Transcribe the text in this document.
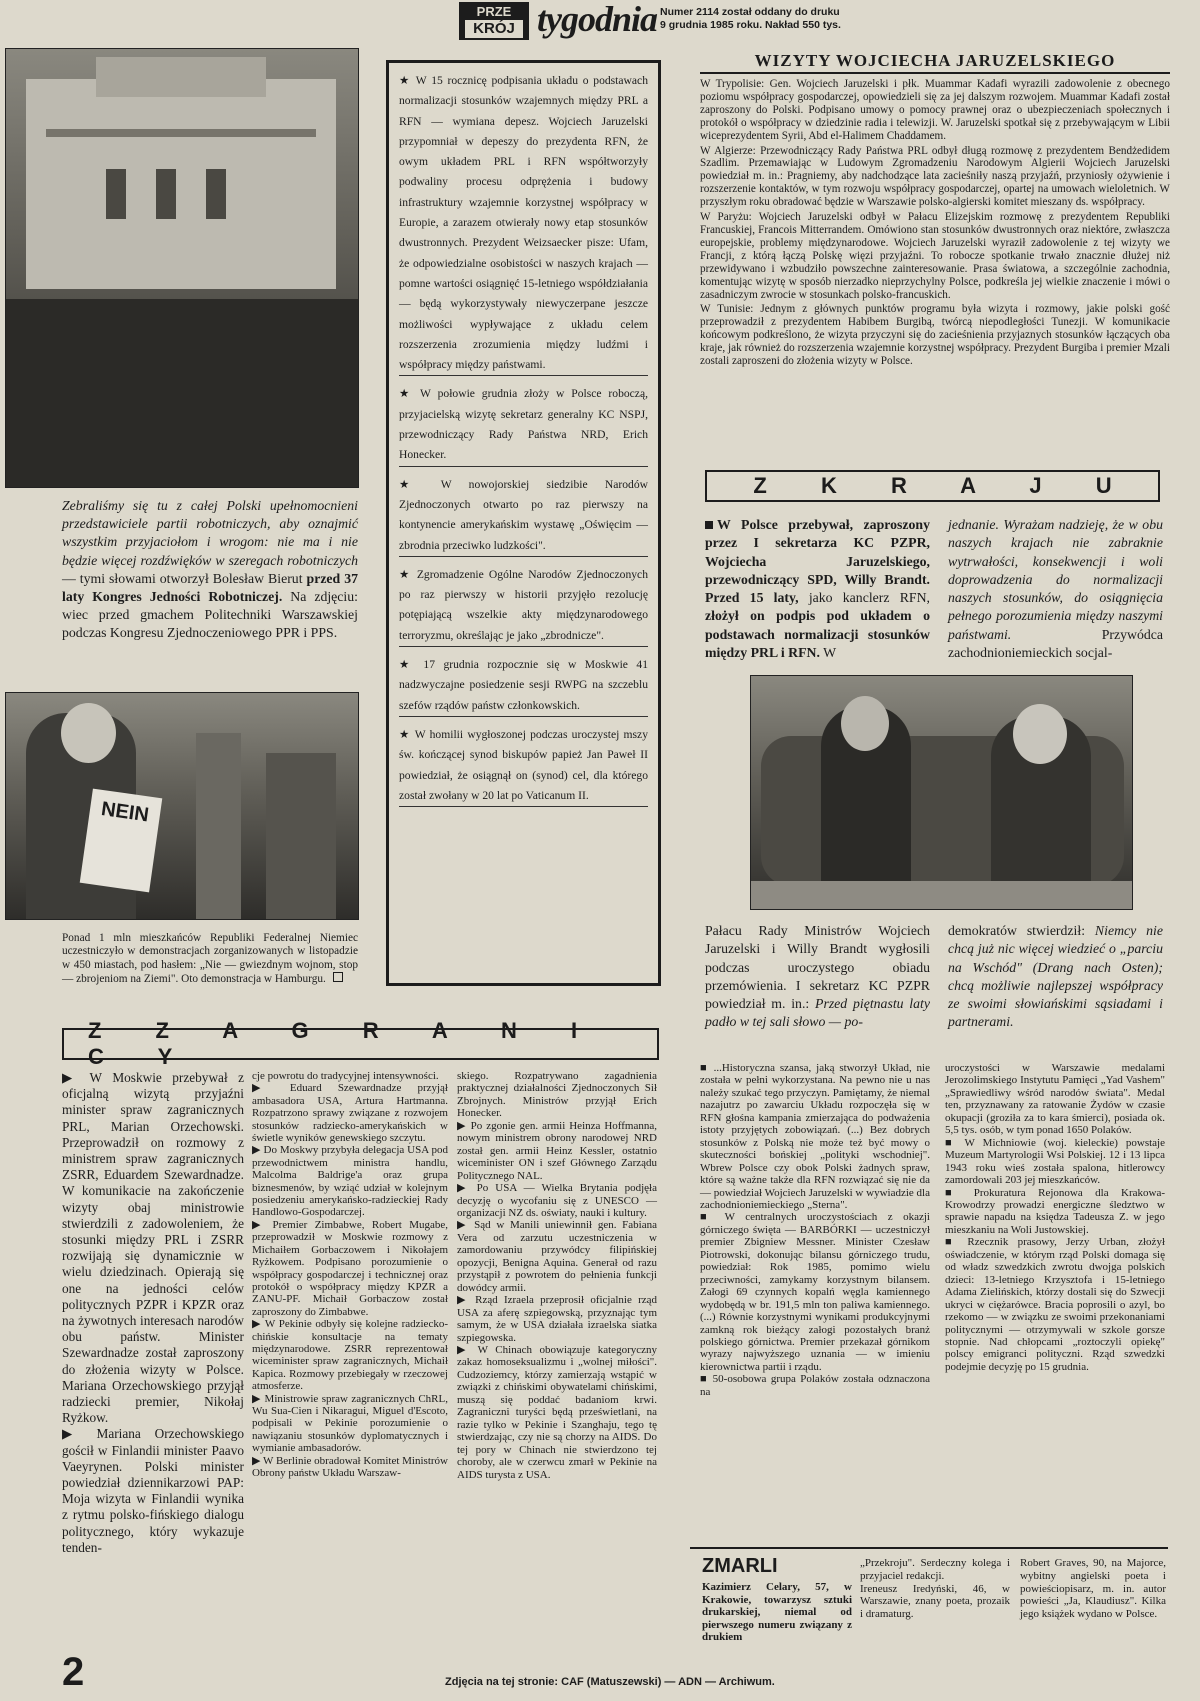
PRZE
KRÓJ tygodnia Numer 2114 został oddany do druku
9 grudnia 1985 roku. Nakład 550 tys.
Zebraliśmy się tu z całej Polski upełnomocnieni przedstawiciele partii robotniczych, aby oznajmić wszystkim przyjaciołom i wrogom: nie ma i nie będzie więcej rozdźwięków w szeregach robotniczych — tymi słowami otworzył Bolesław Bierut przed 37 laty Kongres Jedności Robotniczej. Na zdjęciu: wiec przed gmachem Politechniki Warszawskiej podczas Kongresu Zjednoczeniowego PPR i PPS.
NEIN
Ponad 1 mln mieszkańców Republiki Federalnej Niemiec uczestniczyło w demonstracjach zorganizowanych w listopadzie w 450 miastach, pod hasłem: „Nie — gwiezdnym wojnom, stop — zbrojeniom na Ziemi". Oto demonstracja w Hamburgu.

★ W 15 rocznicę podpisania układu o podstawach normalizacji stosunków wzajemnych między PRL a RFN — wymiana depesz. Wojciech Jaruzelski przypomniał w depeszy do prezydenta RFN, że owym układem PRL i RFN współtworzyły podwaliny procesu odprężenia i budowy infrastruktury wzajemnie korzystnej współpracy w Europie, a zarazem otwierały nowy etap stosunków dwustronnych. Prezydent Weizsaecker pisze: Ufam, że odpowiedzialne osobistości w naszych krajach — pomne wartości osiągnięć 15-letniego współdziałania — będą wykorzystywały niewyczerpane jeszcze możliwości wypływające z układu celem rozszerzenia zrozumienia między ludźmi i współpracy między państwami.

★ W połowie grudnia złoży w Polsce roboczą, przyjacielską wizytę sekretarz generalny KC NSPJ, przewodniczący Rady Państwa NRD, Erich Honecker.

★ W nowojorskiej siedzibie Narodów Zjednoczonych otwarto po raz pierwszy na kontynencie amerykańskim wystawę „Oświęcim — zbrodnia przeciwko ludzkości".

★ Zgromadzenie Ogólne Narodów Zjednoczonych po raz pierwszy w historii przyjęło rezolucję potępiającą wszelkie akty międzynarodowego terroryzmu, określając je jako „zbrodnicze".

★ 17 grudnia rozpocznie się w Moskwie 41 nadzwyczajne posiedzenie sesji RWPG na szczeblu szefów rządów państw członkowskich.

★ W homilii wygłoszonej podczas uroczystej mszy św. kończącej synod biskupów papież Jan Paweł II powiedział, że osiągnął on (synod) cel, dla którego został zwołany w 20 lat po Vaticanum II.

WIZYTY WOJCIECHA JARUZELSKIEGO

W Trypolisie: Gen. Wojciech Jaruzelski i płk. Muammar Kadafi wyrazili zadowolenie z obecnego poziomu współpracy gospodarczej, opowiedzieli się za jej dalszym rozwojem. Muammar Kadafi został zaproszony do Polski. Podpisano umowy o pomocy prawnej oraz o ubezpieczeniach społecznych i protokół o współpracy w dziedzinie radia i telewizji. W. Jaruzelski spotkał się z przebywającym w Libii wiceprezydentem Syrii, Abd el-Halimem Chaddamem.

W Algierze: Przewodniczący Rady Państwa PRL odbył długą rozmowę z prezydentem Bendżedidem Szadlim. Przemawiając w Ludowym Zgromadzeniu Narodowym Algierii Wojciech Jaruzelski powiedział m. in.: Pragniemy, aby nadchodzące lata zacieśniły naszą przyjaźń, przyniosły ożywienie i rozszerzenie kontaktów, w tym rozwoju współpracy gospodarczej, opartej na umowach wieloletnich. W przyszłym roku obradować będzie w Warszawie polsko-algierski komitet mieszany ds. współpracy.

W Paryżu: Wojciech Jaruzelski odbył w Pałacu Elizejskim rozmowę z prezydentem Republiki Francuskiej, Francois Mitterrandem. Omówiono stan stosunków dwustronnych oraz niektóre, zwłaszcza europejskie, problemy międzynarodowe. Wojciech Jaruzelski wyraził zadowolenie z tej wizyty we Francji, z którą łączą Polskę więzi przyjaźni. To robocze spotkanie trwało znacznie dłużej niż przewidywano i wzbudziło powszechne zainteresowanie. Prasa światowa, a szczególnie zachodnia, komentując wizytę w sposób nierzadko nieprzychylny Polsce, podkreśla jej wielkie znaczenie i mówi o zasadniczym zwrocie w stosunkach polsko-francuskich.

W Tunisie: Jednym z głównych punktów programu była wizyta i rozmowy, jakie polski gość przeprowadził z prezydentem Habibem Burgibą, twórcą niepodległości Tunezji. W komunikacie końcowym podkreślono, że wizyta przyczyni się do zacieśnienia przyjaznych stosunków łączących oba kraje, jak również do rozszerzenia wzajemnie korzystnej współpracy. Prezydent Burgiba i premier Mzali zostali zaproszeni do złożenia wizyty w Polsce.

Z K R A J U
W Polsce przebywał, zaproszony przez I sekretarza KC PZPR, Wojciecha Jaruzelskiego, przewodniczący SPD, Willy Brandt. Przed 15 laty, jako kanclerz RFN, złożył on podpis pod układem o podstawach normalizacji stosunków między PRL i RFN. W
jednanie. Wyrażam nadzieję, że w obu naszych krajach nie zabraknie wytrwałości, konsekwencji i woli doprowadzenia do normalizacji naszych stosunków, do osiągnięcia pełnego porozumienia między naszymi państwami.	Przywódca zachodnioniemieckich socjal-
Pałacu Rady Ministrów Wojciech Jaruzelski i Willy Brandt wygłosili podczas uroczystego obiadu przemówienia. I sekretarz KC PZPR powiedział m. in.: Przed piętnastu laty padło w tej sali słowo — po-
demokratów stwierdził: Niemcy nie chcą już nic więcej wiedzieć o „parciu na Wschód" (Drang nach Osten); chcą możliwie najlepszej współpracy ze swoimi słowiańskimi sąsiadami i partnerami.
Z Z A G R A N I C Y
▶ W Moskwie przebywał z oficjalną wizytą przyjaźni minister spraw zagranicznych PRL, Marian Orzechowski. Przeprowadził on rozmowy z ministrem spraw zagranicznych ZSRR, Eduardem Szewardnadze. W komunikacie na zakończenie wizyty obaj ministrowie stwierdzili z zadowoleniem, że stosunki między PRL i ZSRR rozwijają się dynamicznie w wielu dziedzinach. Opierają się one na jedności celów politycznych PZPR i KPZR oraz na żywotnych interesach narodów obu państw. Minister Szewardnadze został zaproszony do złożenia wizyty w Polsce. Mariana Orzechowskiego przyjął radziecki premier, Nikołaj Ryżkow.
▶ Mariana Orzechowskiego gościł w Finlandii minister Paavo Vaeyrynen. Polski minister powiedział dziennikarzowi PAP: Moja wizyta w Finlandii wynika z rytmu polsko-fińskiego dialogu politycznego, który wykazuje tenden-
cje powrotu do tradycyjnej intensywności.
▶ Eduard Szewardnadze przyjął ambasadora USA, Artura Hartmanna. Rozpatrzono sprawy związane z rozwojem stosunków radziecko-amerykańskich w świetle wyników genewskiego szczytu.
▶ Do Moskwy przybyła delegacja USA pod przewodnictwem ministra handlu, Malcolma Baldrige'a oraz grupa biznesmenów, by wziąć udział w kolejnym posiedzeniu amerykańsko-radzieckiej Rady Handlowo-Gospodarczej.
▶ Premier Zimbabwe, Robert Mugabe, przeprowadził w Moskwie rozmowy z Michaiłem Gorbaczowem i Nikołajem Ryżkowem. Podpisano porozumienie o współpracy gospodarczej i technicznej oraz protokół o współpracy między KPZR a ZANU-PF. Michaił Gorbaczow został zaproszony do Zimbabwe.
▶ W Pekinie odbyły się kolejne radziecko-chińskie konsultacje na tematy międzynarodowe. ZSRR reprezentował wiceminister spraw zagranicznych, Michaił Kapica. Rozmowy przebiegały w rzeczowej atmosferze.
▶ Ministrowie spraw zagranicznych ChRL, Wu Sua-Cien i Nikaragui, Miguel d'Escoto, podpisali w Pekinie porozumienie o nawiązaniu stosunków dyplomatycznych i wymianie ambasadorów.
▶ W Berlinie obradował Komitet Ministrów Obrony państw Układu Warszaw-
skiego. Rozpatrywano zagadnienia praktycznej działalności Zjednoczonych Sił Zbrojnych. Ministrów przyjął Erich Honecker.
▶ Po zgonie gen. armii Heinza Hoffmanna, nowym ministrem obrony narodowej NRD został gen. armii Heinz Kessler, ostatnio wiceminister ON i szef Głównego Zarządu Politycznego NAL.
▶ Po USA — Wielka Brytania podjęła decyzję o wycofaniu się z UNESCO — organizacji NZ ds. oświaty, nauki i kultury.
▶ Sąd w Manili uniewinnił gen. Fabiana Vera od zarzutu uczestniczenia w zamordowaniu przywódcy filipińskiej opozycji, Benigna Aquina. Generał od razu przystąpił z powrotem do pełnienia funkcji dowódcy armii.
▶ Rząd Izraela przeprosił oficjalnie rząd USA za aferę szpiegowską, przyznając tym samym, że w USA działała izraelska siatka szpiegowska.
▶ W Chinach obowiązuje kategoryczny zakaz homoseksualizmu i „wolnej miłości". Cudzoziemcy, którzy zamierzają wstąpić w związki z chińskimi obywatelami chińskimi, muszą się poddać badaniom krwi. Zagraniczni turyści będą prześwietlani, na razie tylko w Pekinie i Szanghaju, tego tę stwierdzając, czy nie są chorzy na AIDS. Do tej pory w Chinach nie stwierdzono tej choroby, ale w czerwcu zmarł w Pekinie na AIDS turysta z USA.
■ ...Historyczna szansa, jaką stworzył Układ, nie została w pełni wykorzystana. Na pewno nie u nas należy szukać tego przyczyn. Pamiętamy, że niemal nazajutrz po zawarciu Układu rozpoczęła się w RFN głośna kampania zmierzająca do podważenia istoty przyjętych zobowiązań. (...) Bez dobrych stosunków z Polską nie może też być mowy o skuteczności bońskiej „polityki wschodniej". Wbrew Polsce czy obok Polski żadnych spraw, które są ważne także dla RFN rozwiązać się nie da — powiedział Wojciech Jaruzelski w wywiadzie dla zachodnioniemieckiego „Sterna".
■ W centralnych uroczystościach z okazji górniczego święta — BARBÓRKI — uczestniczył premier Zbigniew Messner. Minister Czesław Piotrowski, dokonując bilansu górniczego trudu, powiedział: Rok 1985, pomimo wielu przeciwności, zamykamy korzystnym bilansem. Załogi 69 czynnych kopalń węgla kamiennego wydobędą w br. 191,5 mln ton paliwa kamiennego. (...) Równie korzystnymi wynikami produkcyjnymi zamkną rok bieżący załogi pozostałych branż polskiego górnictwa. Premier przekazał górnikom wyrazy najwyższego uznania — w imieniu kierownictwa partii i rządu.
■ 50-osobowa grupa Polaków została odznaczona na
uroczystości w Warszawie medalami Jerozolimskiego Instytutu Pamięci „Yad Vashem" „Sprawiedliwy wśród narodów świata". Medal ten, przyznawany za ratowanie Żydów w czasie okupacji (groziła za to kara śmierci), posiada ok. 5,5 tys. osób, w tym ponad 1650 Polaków.
■ W Michniowie (woj. kieleckie) powstaje Muzeum Martyrologii Wsi Polskiej. 12 i 13 lipca 1943 roku wieś została spalona, hitlerowcy zamordowali 203 jej mieszkańców.
■ Prokuratura Rejonowa dla Krakowa-Krowodrzy prowadzi energiczne śledztwo w sprawie napadu na księdza Tadeusza Z. w jego mieszkaniu na Woli Justowskiej.
■ Rzecznik prasowy, Jerzy Urban, złożył oświadczenie, w którym rząd Polski domaga się od władz szwedzkich zwrotu dwojga polskich dzieci: 13-letniego Krzysztofa i 15-letniego Adama Zielińskich, którzy dostali się do Szwecji ukryci w ciężarówce. Bracia poprosili o azyl, bo rzekomo — w związku ze swoimi przekonaniami politycznymi — otrzymywali w szkole gorsze stopnie. Nad chłopcami „roztoczyli opiekę" polscy emigranci polityczni. Rząd szwedzki podejmie decyzję po 15 grudnia.
ZMARLI
Kazimierz Celary, 57, w Krakowie, towarzysz sztuki drukarskiej, niemal od pierwszego numeru związany z drukiem
„Przekroju". Serdeczny kolega i przyjaciel redakcji.
Ireneusz Iredyński, 46, w Warszawie, znany poeta, prozaik i dramaturg.
Robert Graves, 90, na Majorce, wybitny angielski poeta i powieściopisarz, m. in. autor powieści „Ja, Klaudiusz". Kilka jego książek wydano w Polsce.
2	Zdjęcia na tej stronie: CAF (Matuszewski) — ADN — Archiwum.
